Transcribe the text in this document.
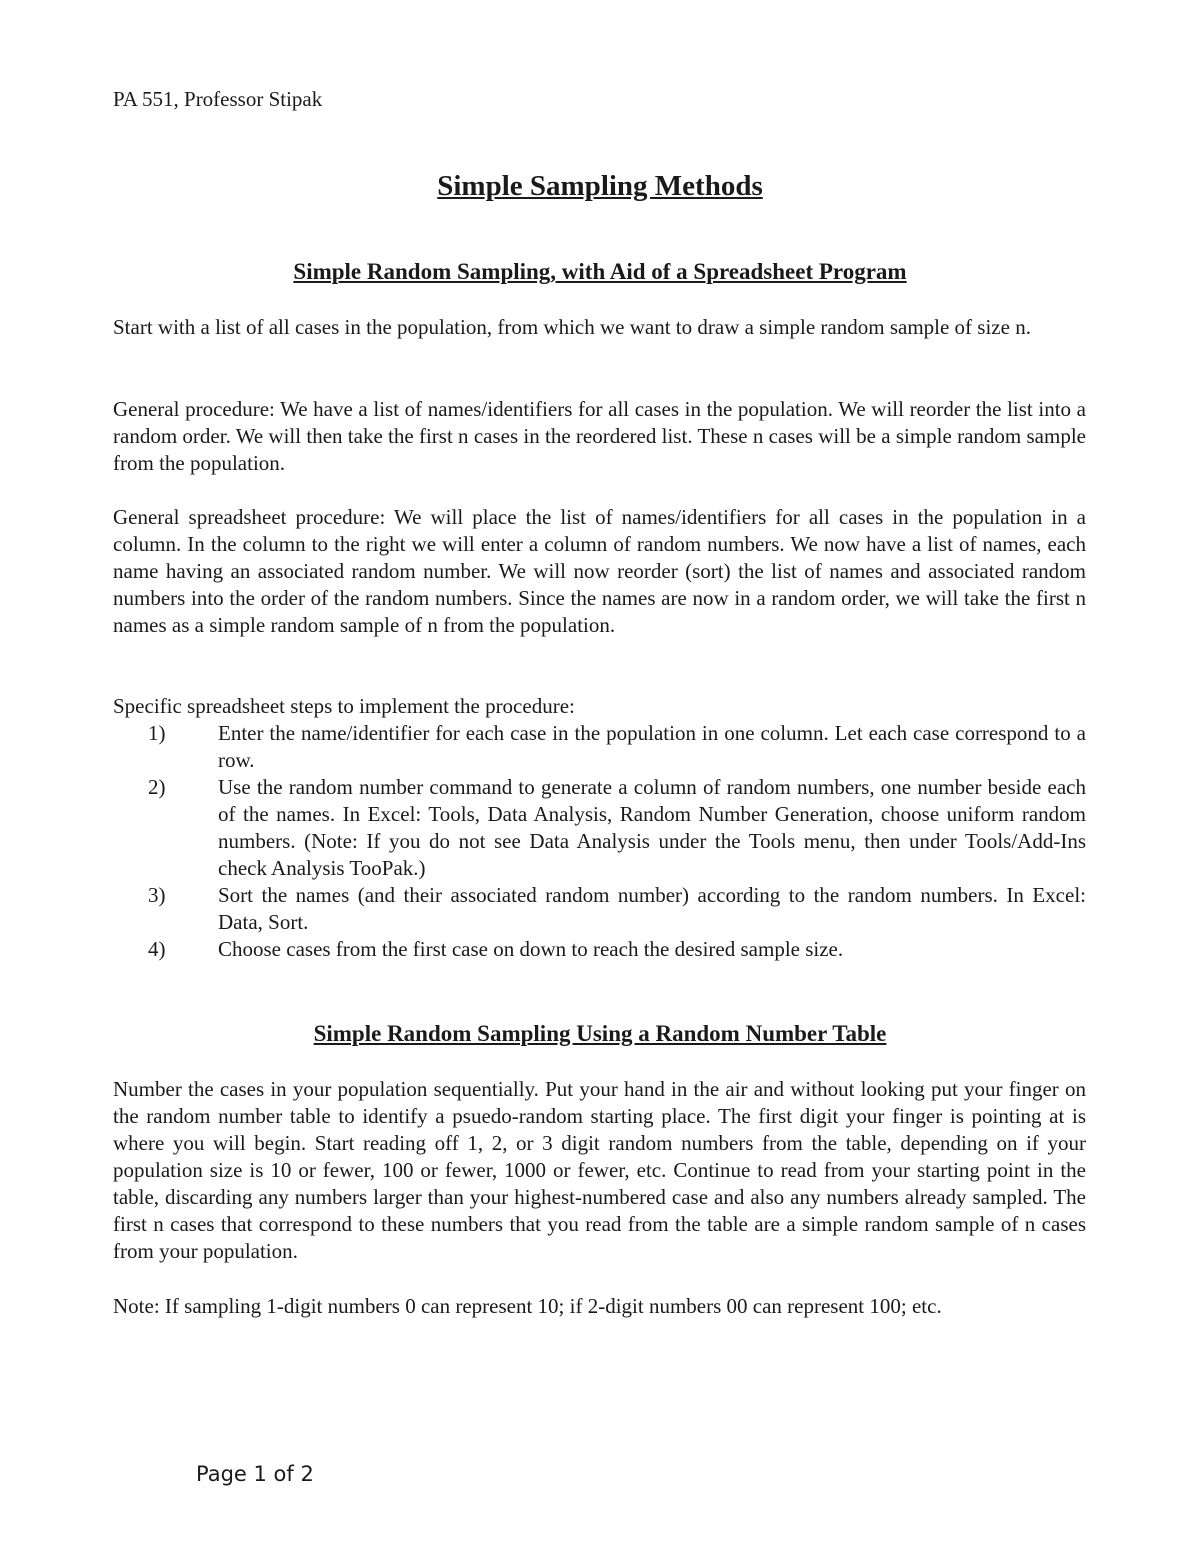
PA 551, Professor Stipak
Simple Sampling Methods
Simple Random Sampling, with Aid of a Spreadsheet Program

Start with a list of all cases in the population, from which we want to draw a simple random sample of size n.

General procedure: We have a list of names/identifiers for all cases in the population. We will reorder the list into a random order. We will then take the first n cases in the reordered list. These n cases will be a simple random sample from the population.

General spreadsheet procedure: We will place the list of names/identifiers for all cases in the population in a column. In the column to the right we will enter a column of random numbers. We now have a list of names, each name having an associated random number. We will now reorder (sort) the list of names and associated random numbers into the order of the random numbers. Since the names are now in a random order, we will take the first n names as a simple random sample of n from the population.

Specific spreadsheet steps to implement the procedure:

1)	Enter the name/identifier for each case in the population in one column. Let each case correspond to a row.
2)	Use the random number command to generate a column of random numbers, one number beside each of the names. In Excel: Tools, Data Analysis, Random Number Generation, choose uniform random numbers. (Note: If you do not see Data Analysis under the Tools menu, then under Tools/Add-Ins check Analysis TooPak.)
3)	Sort the names (and their associated random number) according to the random numbers. In Excel: Data, Sort.
4)	Choose cases from the first case on down to reach the desired sample size.
Simple Random Sampling Using a Random Number Table

Number the cases in your population sequentially. Put your hand in the air and without looking put your finger on the random number table to identify a psuedo-random starting place. The first digit your finger is pointing at is where you will begin. Start reading off 1, 2, or 3 digit random numbers from the table, depending on if your population size is 10 or fewer, 100 or fewer, 1000 or fewer, etc. Continue to read from your starting point in the table, discarding any numbers larger than your highest-numbered case and also any numbers already sampled. The first n cases that correspond to these numbers that you read from the table are a simple random sample of n cases from your population.

Note: If sampling 1-digit numbers 0 can represent 10; if 2-digit numbers 00 can represent 100; etc.

Page 1 of 2
